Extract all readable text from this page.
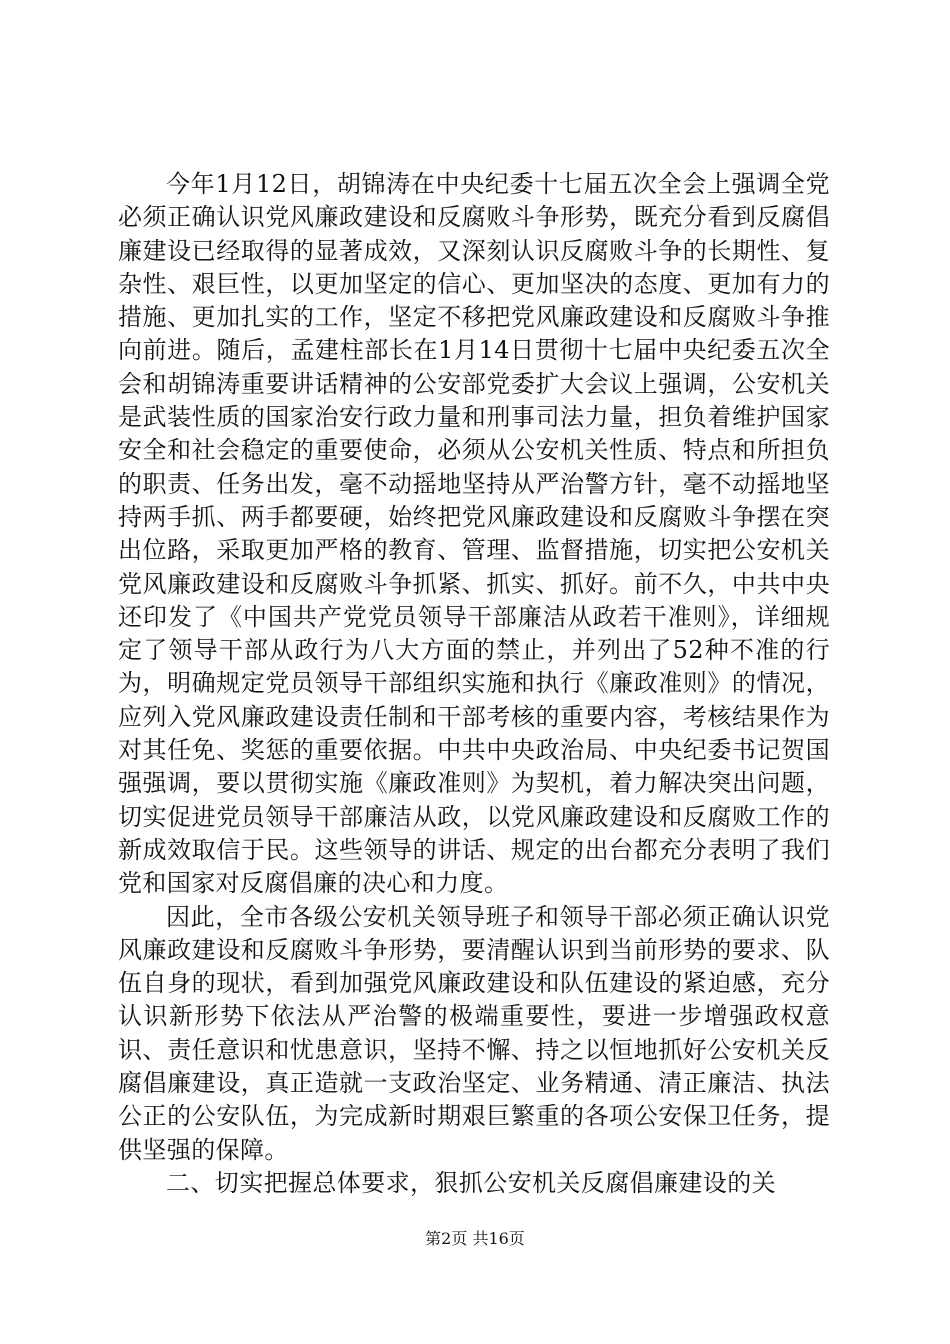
今年1月12日，胡锦涛在中央纪委十七届五次全会上强调全党必须正确认识党风廉政建设和反腐败斗争形势，既充分看到反腐倡廉建设已经取得的显著成效，又深刻认识反腐败斗争的长期性、复杂性、艰巨性，以更加坚定的信心、更加坚决的态度、更加有力的措施、更加扎实的工作，坚定不移把党风廉政建设和反腐败斗争推向前进。随后，孟建柱部长在1月14日贯彻十七届中央纪委五次全会和胡锦涛重要讲话精神的公安部党委扩大会议上强调，公安机关是武装性质的国家治安行政力量和刑事司法力量，担负着维护国家安全和社会稳定的重要使命，必须从公安机关性质、特点和所担负的职责、任务出发，毫不动摇地坚持从严治警方针，毫不动摇地坚持两手抓、两手都要硬，始终把党风廉政建设和反腐败斗争摆在突出位路，采取更加严格的教育、管理、监督措施，切实把公安机关党风廉政建设和反腐败斗争抓紧、抓实、抓好。前不久，中共中央还印发了《中国共产党党员领导干部廉洁从政若干准则》，详细规定了领导干部从政行为八大方面的禁止，并列出了52种不准的行为，明确规定党员领导干部组织实施和执行《廉政准则》的情况，应列入党风廉政建设责任制和干部考核的重要内容，考核结果作为对其任免、奖惩的重要依据。中共中央政治局、中央纪委书记贺国强强调，要以贯彻实施《廉政准则》为契机，着力解决突出问题，切实促进党员领导干部廉洁从政，以党风廉政建设和反腐败工作的新成效取信于民。这些领导的讲话、规定的出台都充分表明了我们党和国家对反腐倡廉的决心和力度。

因此，全市各级公安机关领导班子和领导干部必须正确认识党风廉政建设和反腐败斗争形势，要清醒认识到当前形势的要求、队伍自身的现状，看到加强党风廉政建设和队伍建设的紧迫感，充分认识新形势下依法从严治警的极端重要性，要进一步增强政权意识、责任意识和忧患意识，坚持不懈、持之以恒地抓好公安机关反腐倡廉建设，真正造就一支政治坚定、业务精通、清正廉洁、执法公正的公安队伍，为完成新时期艰巨繁重的各项公安保卫任务，提供坚强的保障。

二、切实把握总体要求，狠抓公安机关反腐倡廉建设的关

第2页 共16页
